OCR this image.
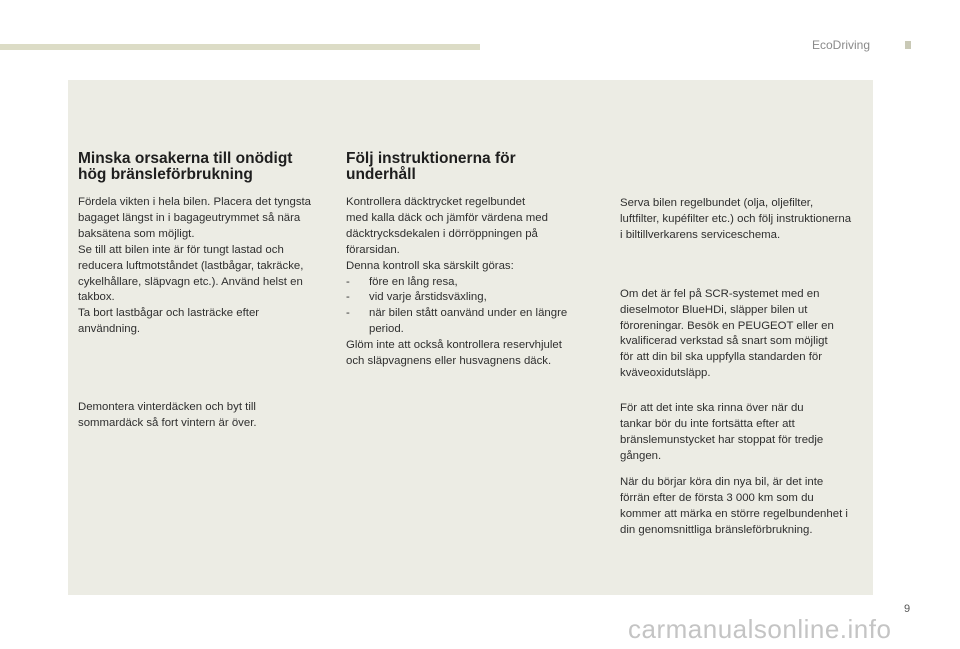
EcoDriving
Minska orsakerna till onödigt
hög bränsleförbrukning

Fördela vikten i hela bilen. Placera det tyngsta
bagaget längst in i bagageutrymmet så nära
baksätena som möjligt.
Se till att bilen inte är för tungt lastad och
reducera luftmotståndet (lastbågar, takräcke,
cykelhållare, släpvagn etc.). Använd helst en
takbox.
Ta bort lastbågar och lasträcke efter
användning.

Demontera vinterdäcken och byt till
sommardäck så fort vintern är över.

Följ instruktionerna för
underhåll

Kontrollera däcktrycket regelbundet
med kalla däck och jämför värdena med
däcktrycksdekalen i dörröppningen på
förarsidan.
Denna kontroll ska särskilt göras:

- före en lång resa,
- vid varje årstidsväxling,
- när bilen stått oanvänd under en längre period.

Glöm inte att också kontrollera reservhjulet
och släpvagnens eller husvagnens däck.

Serva bilen regelbundet (olja, oljefilter,
luftfilter, kupéfilter etc.) och följ instruktionerna
i biltillverkarens serviceschema.

Om det är fel på SCR-systemet med en
dieselmotor BlueHDi, släpper bilen ut
föroreningar. Besök en PEUGEOT eller en
kvalificerad verkstad så snart som möjligt
för att din bil ska uppfylla standarden för
kväveoxidutsläpp.

För att det inte ska rinna över när du
tankar bör du inte fortsätta efter att
bränslemunstycket har stoppat för tredje
gången.

När du börjar köra din nya bil, är det inte
förrän efter de första 3 000 km som du
kommer att märka en större regelbundenhet i
din genomsnittliga bränsleförbrukning.

9
carmanualsonline.info
